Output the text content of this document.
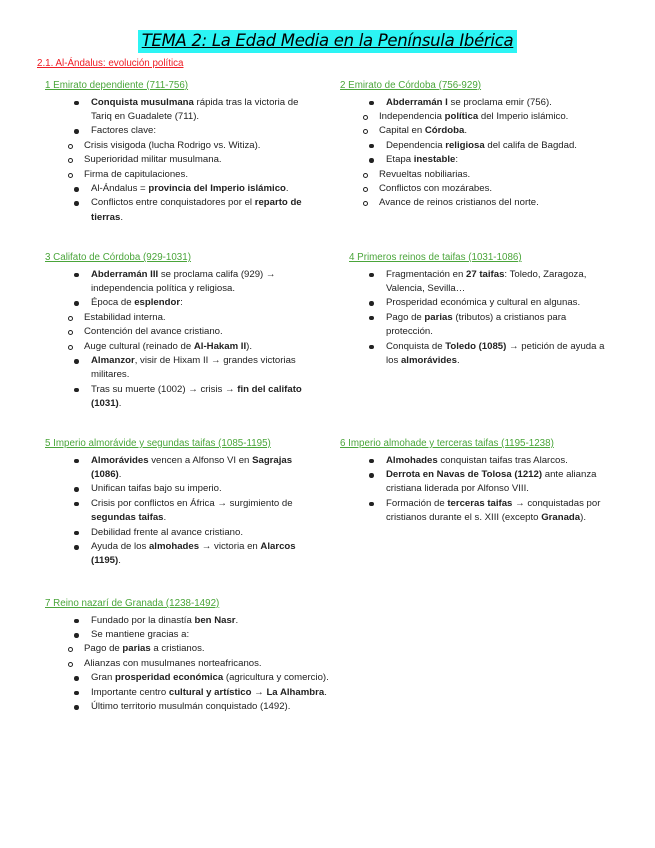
TEMA 2: La Edad Media en la Península Ibérica
2.1. Al-Ándalus: evolución política
1 Emirato dependiente (711-756)
Conquista musulmana rápida tras la victoria de Tariq en Guadalete (711).
Factores clave:
Crisis visigoda (lucha Rodrigo vs. Witiza).
Superioridad militar musulmana.
Firma de capitulaciones.
Al-Ándalus = provincia del Imperio islámico.
Conflictos entre conquistadores por el reparto de tierras.
2 Emirato de Córdoba (756-929)
Abderramán I se proclama emir (756).
Independencia política del Imperio islámico.
Capital en Córdoba.
Dependencia religiosa del califa de Bagdad.
Etapa inestable:
Revueltas nobiliarias.
Conflictos con mozárabes.
Avance de reinos cristianos del norte.
3 Califato de Córdoba (929-1031)
Abderramán III se proclama califa (929) → independencia política y religiosa.
Época de esplendor:
Estabilidad interna.
Contención del avance cristiano.
Auge cultural (reinado de Al-Hakam II).
Almanzor, visir de Hixam II → grandes victorias militares.
Tras su muerte (1002) → crisis → fin del califato (1031).
4 Primeros reinos de taifas (1031-1086)
Fragmentación en 27 taifas: Toledo, Zaragoza, Valencia, Sevilla…
Prosperidad económica y cultural en algunas.
Pago de parias (tributos) a cristianos para protección.
Conquista de Toledo (1085) → petición de ayuda a los almorávides.
5 Imperio almorávide y segundas taifas (1085-1195)
Almorávides vencen a Alfonso VI en Sagrajas (1086).
Unifican taifas bajo su imperio.
Crisis por conflictos en África → surgimiento de segundas taifas.
Debilidad frente al avance cristiano.
Ayuda de los almohades → victoria en Alarcos (1195).
6 Imperio almohade y terceras taifas (1195-1238)
Almohades conquistan taifas tras Alarcos.
Derrota en Navas de Tolosa (1212) ante alianza cristiana liderada por Alfonso VIII.
Formación de terceras taifas → conquistadas por cristianos durante el s. XIII (excepto Granada).
7 Reino nazarí de Granada (1238-1492)
Fundado por la dinastía ben Nasr.
Se mantiene gracias a:
Pago de parias a cristianos.
Alianzas con musulmanes norteafricanos.
Gran prosperidad económica (agricultura y comercio).
Importante centro cultural y artístico → La Alhambra.
Último territorio musulmán conquistado (1492).
